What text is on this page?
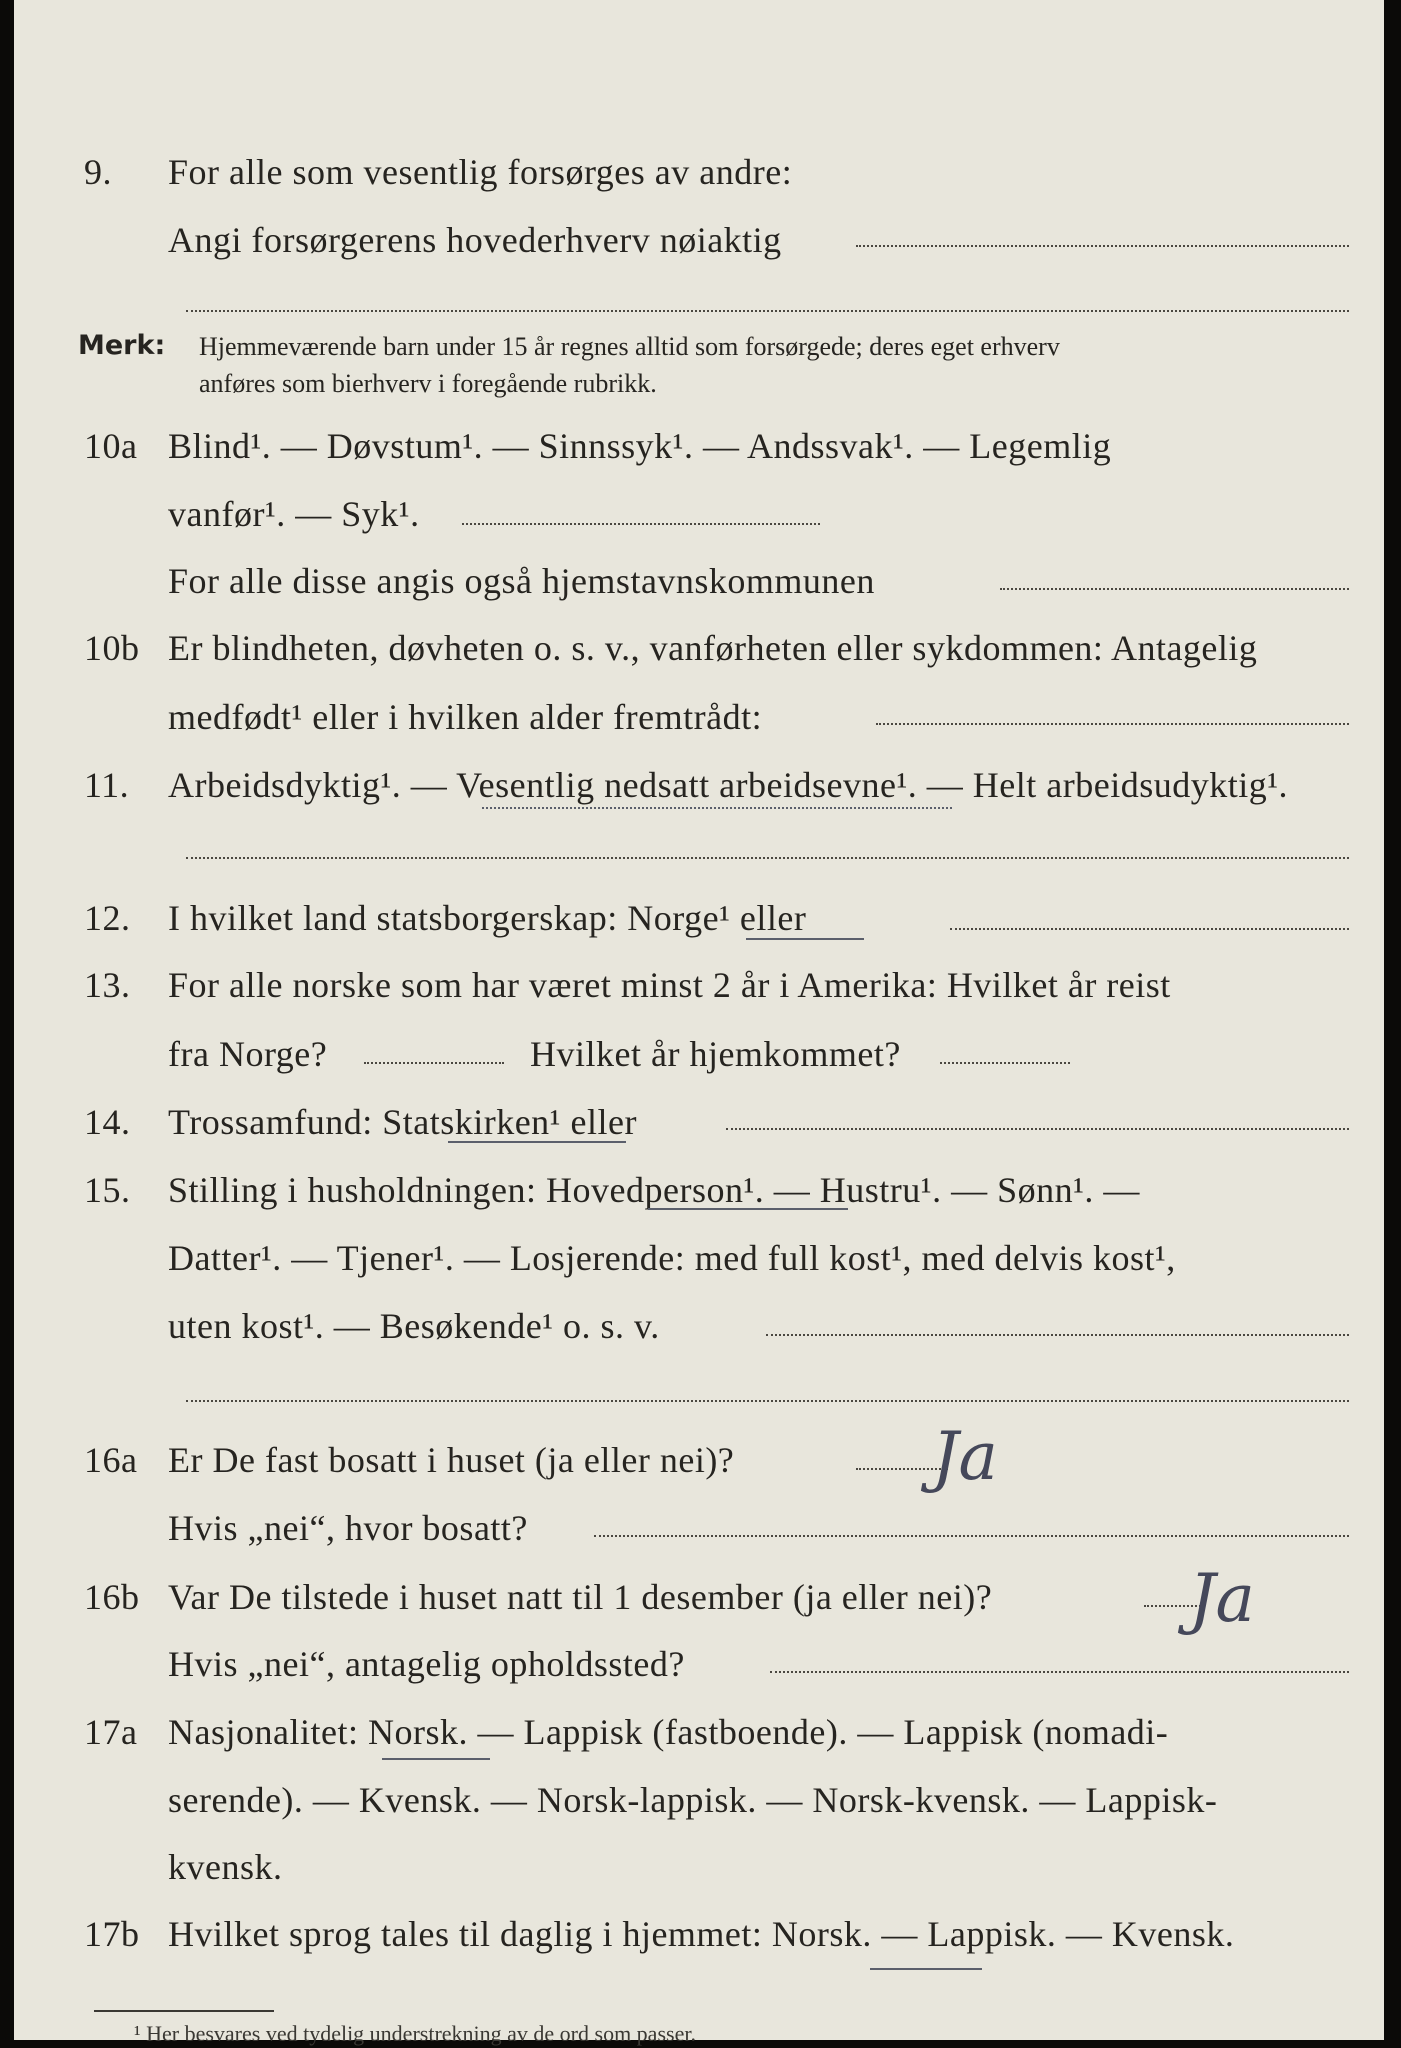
9.	For alle som vesentlig forsørges av andre:
Angi forsørgerens hovederhverv nøiaktig
Merk: Hjemmeværende barn under 15 år regnes alltid som forsørgede; deres eget erhverv
anføres som bierhverv i foregående rubrikk.
10a Blind¹. — Døvstum¹. — Sinnssyk¹. — Andssvak¹. — Legemlig
vanfør¹. — Syk¹.
For alle disse angis også hjemstavnskommunen
10b Er blindheten, døvheten o. s. v., vanførheten eller sykdommen: Antagelig
medfødt¹ eller i hvilken alder fremtrådt:
11.	Arbeidsdyktig¹. — Vesentlig nedsatt arbeidsevne¹. — Helt arbeidsudyktig¹.
12.	I hvilket land statsborgerskap: Norge¹ eller
13.	For alle norske som har været minst 2 år i Amerika: Hvilket år reist
fra Norge?	Hvilket år hjemkommet?
14.	Trossamfund: Statskirken¹ eller
15.	Stilling i husholdningen: Hovedperson¹. — Hustru¹. — Sønn¹. —
Datter¹. — Tjener¹. — Losjerende: med full kost¹, med delvis kost¹,
uten kost¹. — Besøkende¹ o. s. v.
16a Er De fast bosatt i huset (ja eller nei)?	Ja
Hvis „nei“, hvor bosatt?
16b Var De tilstede i huset natt til 1 desember (ja eller nei)?	Ja
Hvis „nei“, antagelig opholdssted?
17a Nasjonalitet: Norsk. — Lappisk (fastboende). — Lappisk (nomadi-
serende). — Kvensk. — Norsk-lappisk. — Norsk-kvensk. — Lappisk-
kvensk.
17b Hvilket sprog tales til daglig i hjemmet: Norsk. — Lappisk. — Kvensk.
¹ Her besvares ved tydelig understrekning av de ord som passer.
